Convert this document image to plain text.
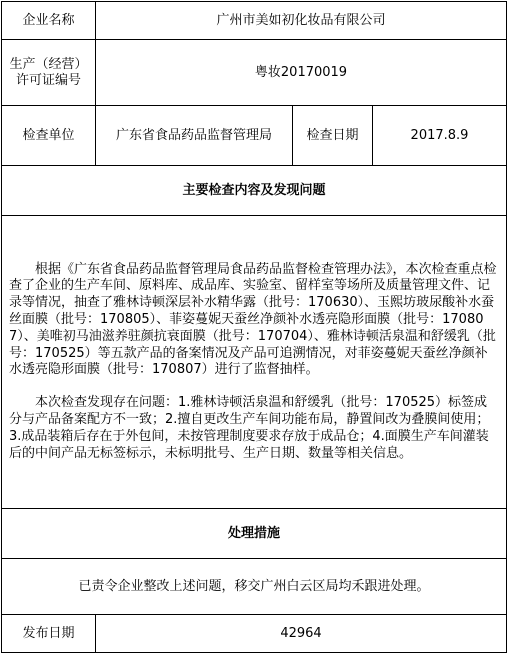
企业名称	广州市美如初化妆品有限公司		

生产（经营）
许可证编号	粤妆20170019		
检查单位	广东省食品药品监督管理局	检查日期	2017.8.9
主要检查内容及发现问题			

根据《广东省食品药品监督管理局食品药品监督检查管理办法》，本次检查重点检查了企业的生产车间、原料库、成品库、实验室、留样室等场所及质量管理文件、记录等情况，抽查了雅林诗顿深层补水精华露（批号：170630）、玉熙坊玻尿酸补水蚕丝面膜（批号：170805）、菲姿蔓妮天蚕丝净颜补水透亮隐形面膜（批号：170807）、美唯初马油滋养驻颜抗衰面膜（批号：170704）、雅林诗顿活泉温和舒缓乳（批号：170525）等五款产品的备案情况及产品可追溯情况，对菲姿蔓妮天蚕丝净颜补水透亮隐形面膜（批号：170807）进行了监督抽样。

本次检查发现存在问题：1.雅林诗顿活泉温和舒缓乳（批号：170525）标签成分与产品备案配方不一致；2.擅自更改生产车间功能布局，静置间改为叠膜间使用；3.成品装箱后存在于外包间，未按管理制度要求存放于成品仓；4.面膜生产车间灌装后的中间产品无标签标示，未标明批号、生产日期、数量等相关信息。			

处理措施			
已责令企业整改上述问题，移交广州白云区局均禾跟进处理。			
发布日期	42964		
